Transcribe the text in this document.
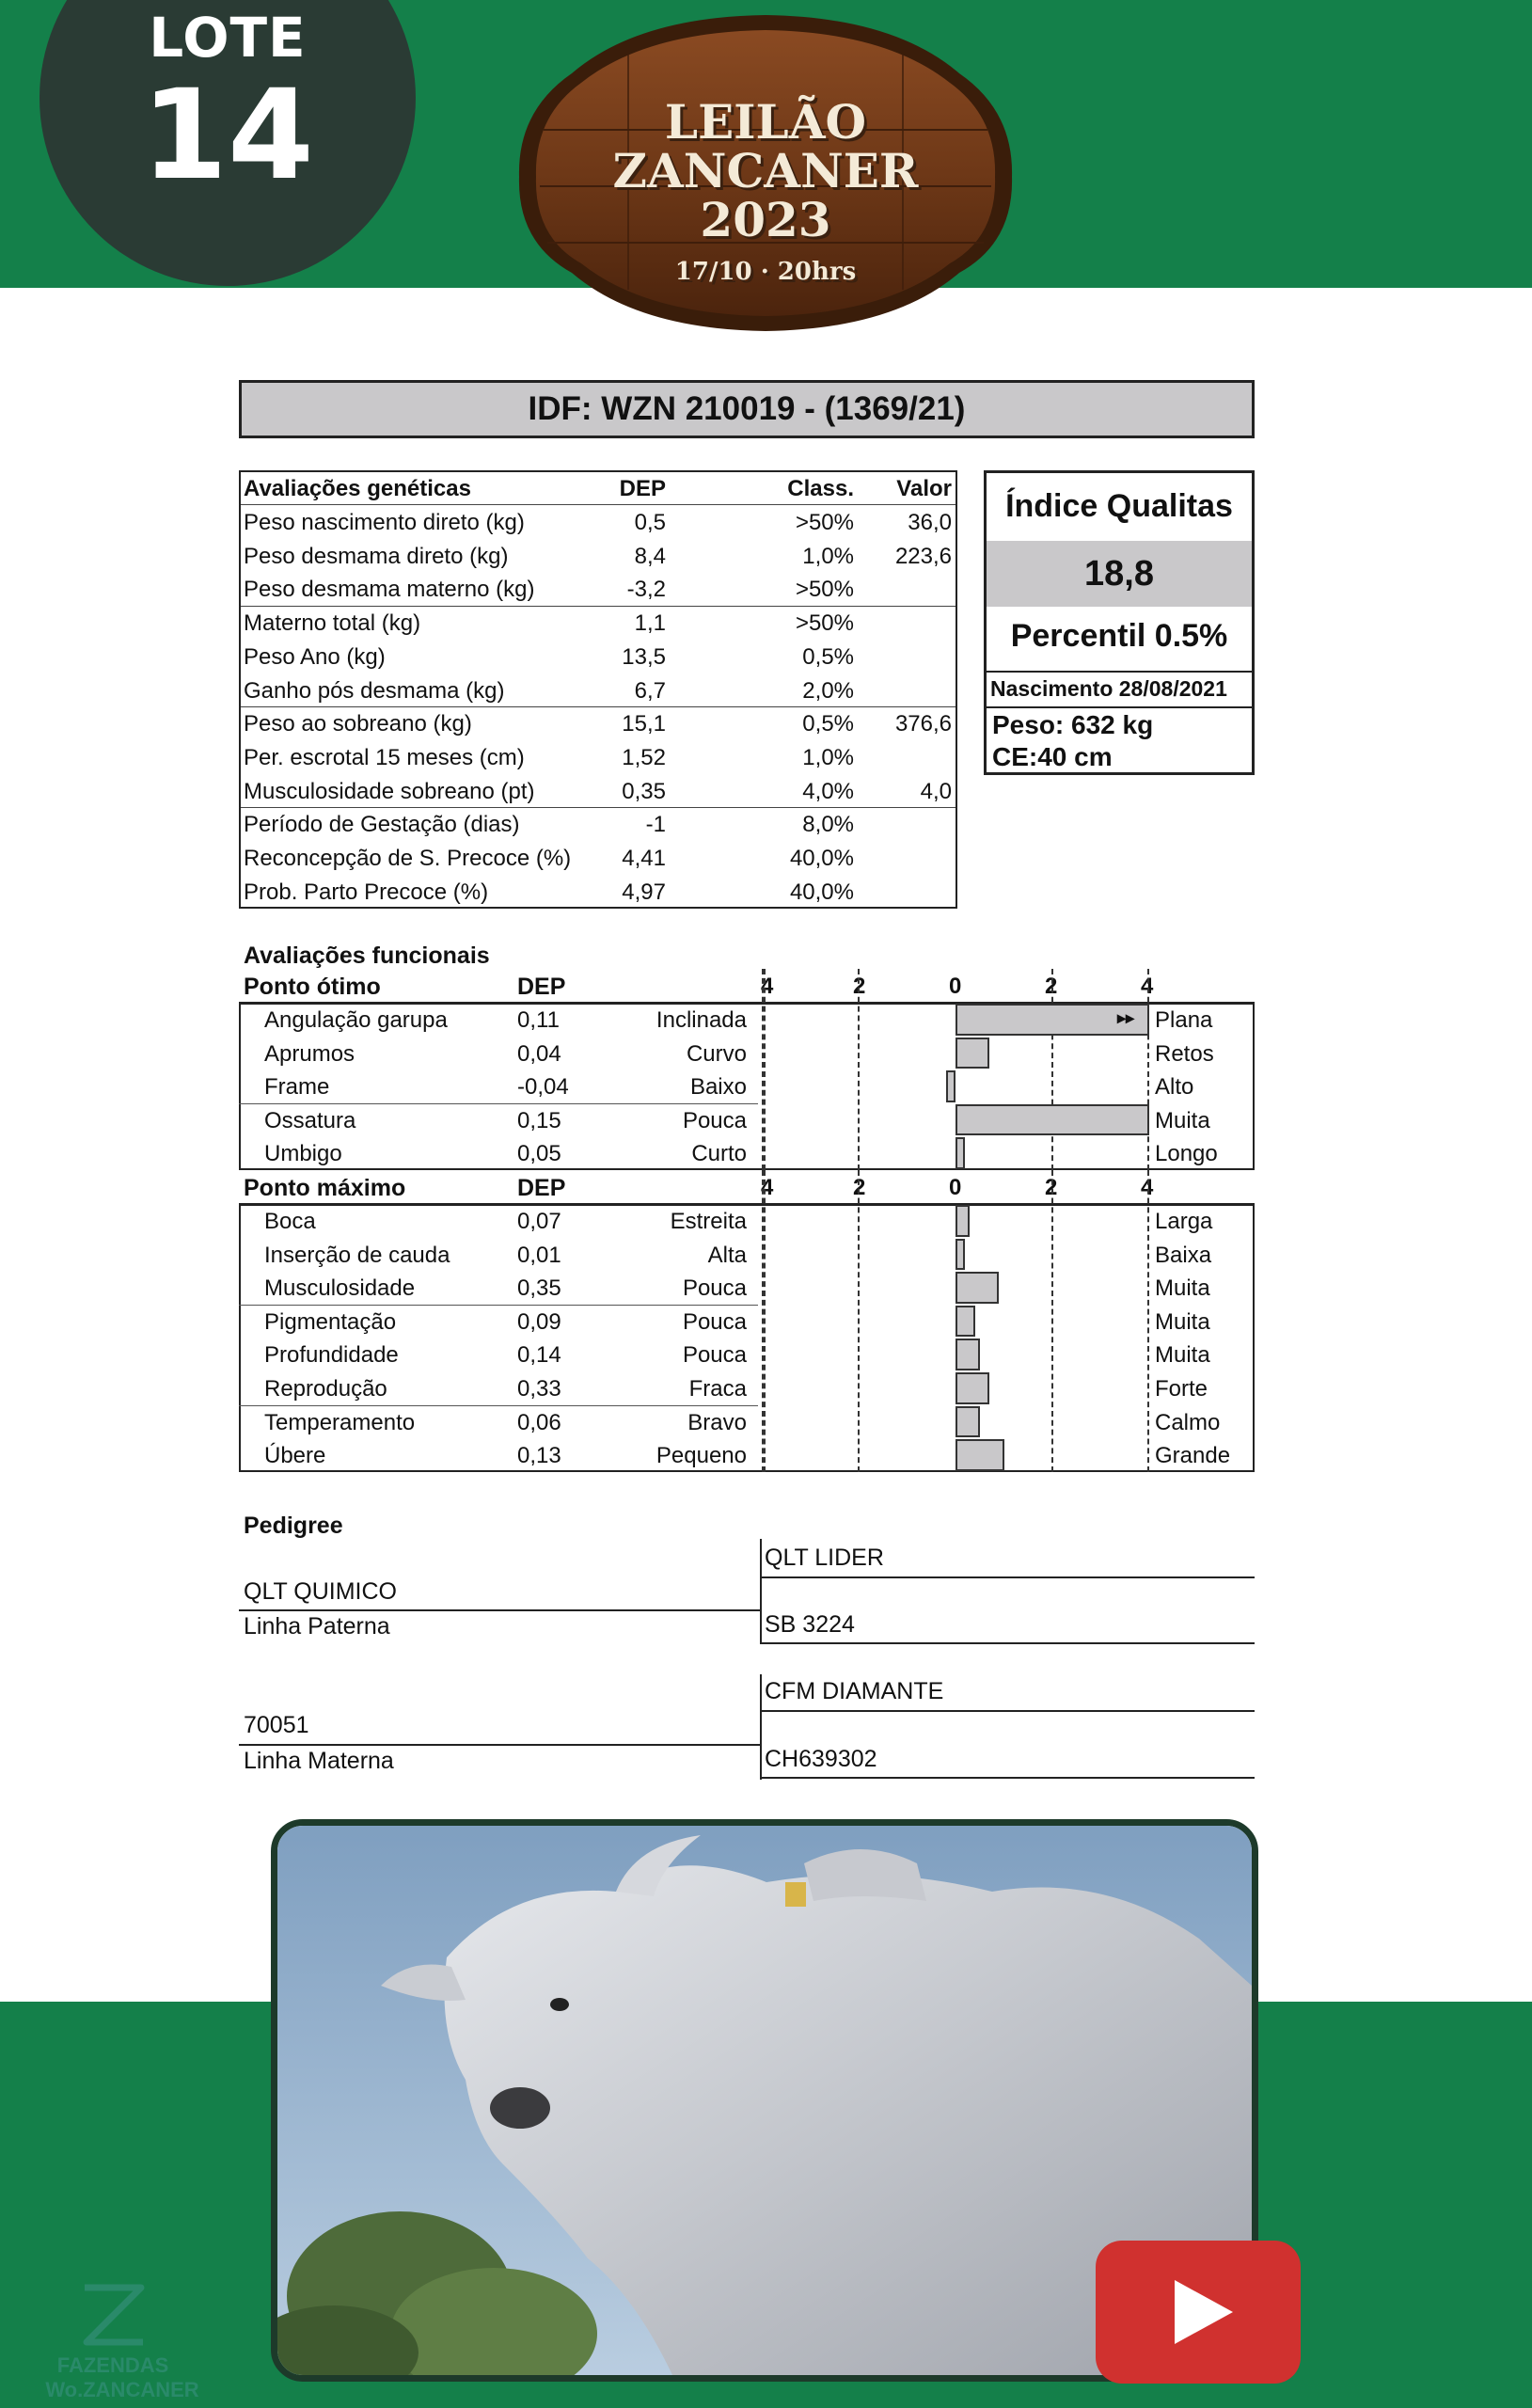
LOTE
14	LEILÃO
ZANCANER
2023
17/10 · 20hrs
IDF: WZN 210019 - (1369/21)
Avaliações genéticas	DEP	Class. Valor
Peso nascimento direto (kg)	0,5	>50% 36,0
Peso desmama direto (kg)	8,4	1,0% 223,6
Peso desmama materno (kg)	-3,2	>50%
Materno total (kg)	1,1	>50%
Peso Ano (kg)	13,5	0,5%
Ganho pós desmama (kg)	6,7	2,0%
Peso ao sobreano (kg)	15,1	0,5% 376,6
Per. escrotal 15 meses (cm)	1,52	1,0%
Musculosidade sobreano (pt)	0,35	4,0%	4,0
Período de Gestação (dias)	-1	8,0%
Reconcepção de S. Precoce (%) 4,41	40,0%
Prob. Parto Precoce (%)	4,97	40,0%
Índice Qualitas
18,8
Percentil 0.5%
Nascimento 28/08/2021
Peso: 632 kg
CE:40 cm
Avaliações funcionais
Ponto ótimo	DEP	4	2	0	2	4
Angulação garupa	0,11	Inclinada	Plana
▸▸
Aprumos	0,04	Curvo	Retos
Frame	-0,04	Baixo	Alto
Ossatura	0,15	Pouca	Muita
Umbigo	0,05	Curto	Longo
Ponto máximo	DEP	4	2	0	2	4
Boca	0,07	Estreita	Larga
Inserção de cauda	0,01	Alta	Baixa
Musculosidade	0,35	Pouca	Muita
Pigmentação	0,09	Pouca	Muita
Profundidade	0,14	Pouca	Muita
Reprodução	0,33	Fraca	Forte
Temperamento	0,06	Bravo	Calmo
Úbere	0,13	Pequeno	Grande
Pedigree
QLT LIDER
SB 3224
QLT QUIMICO
Linha Paterna
CFM DIAMANTE
CH639302
70051
Linha Materna
FAZENDAS
Wo.ZANCANER
